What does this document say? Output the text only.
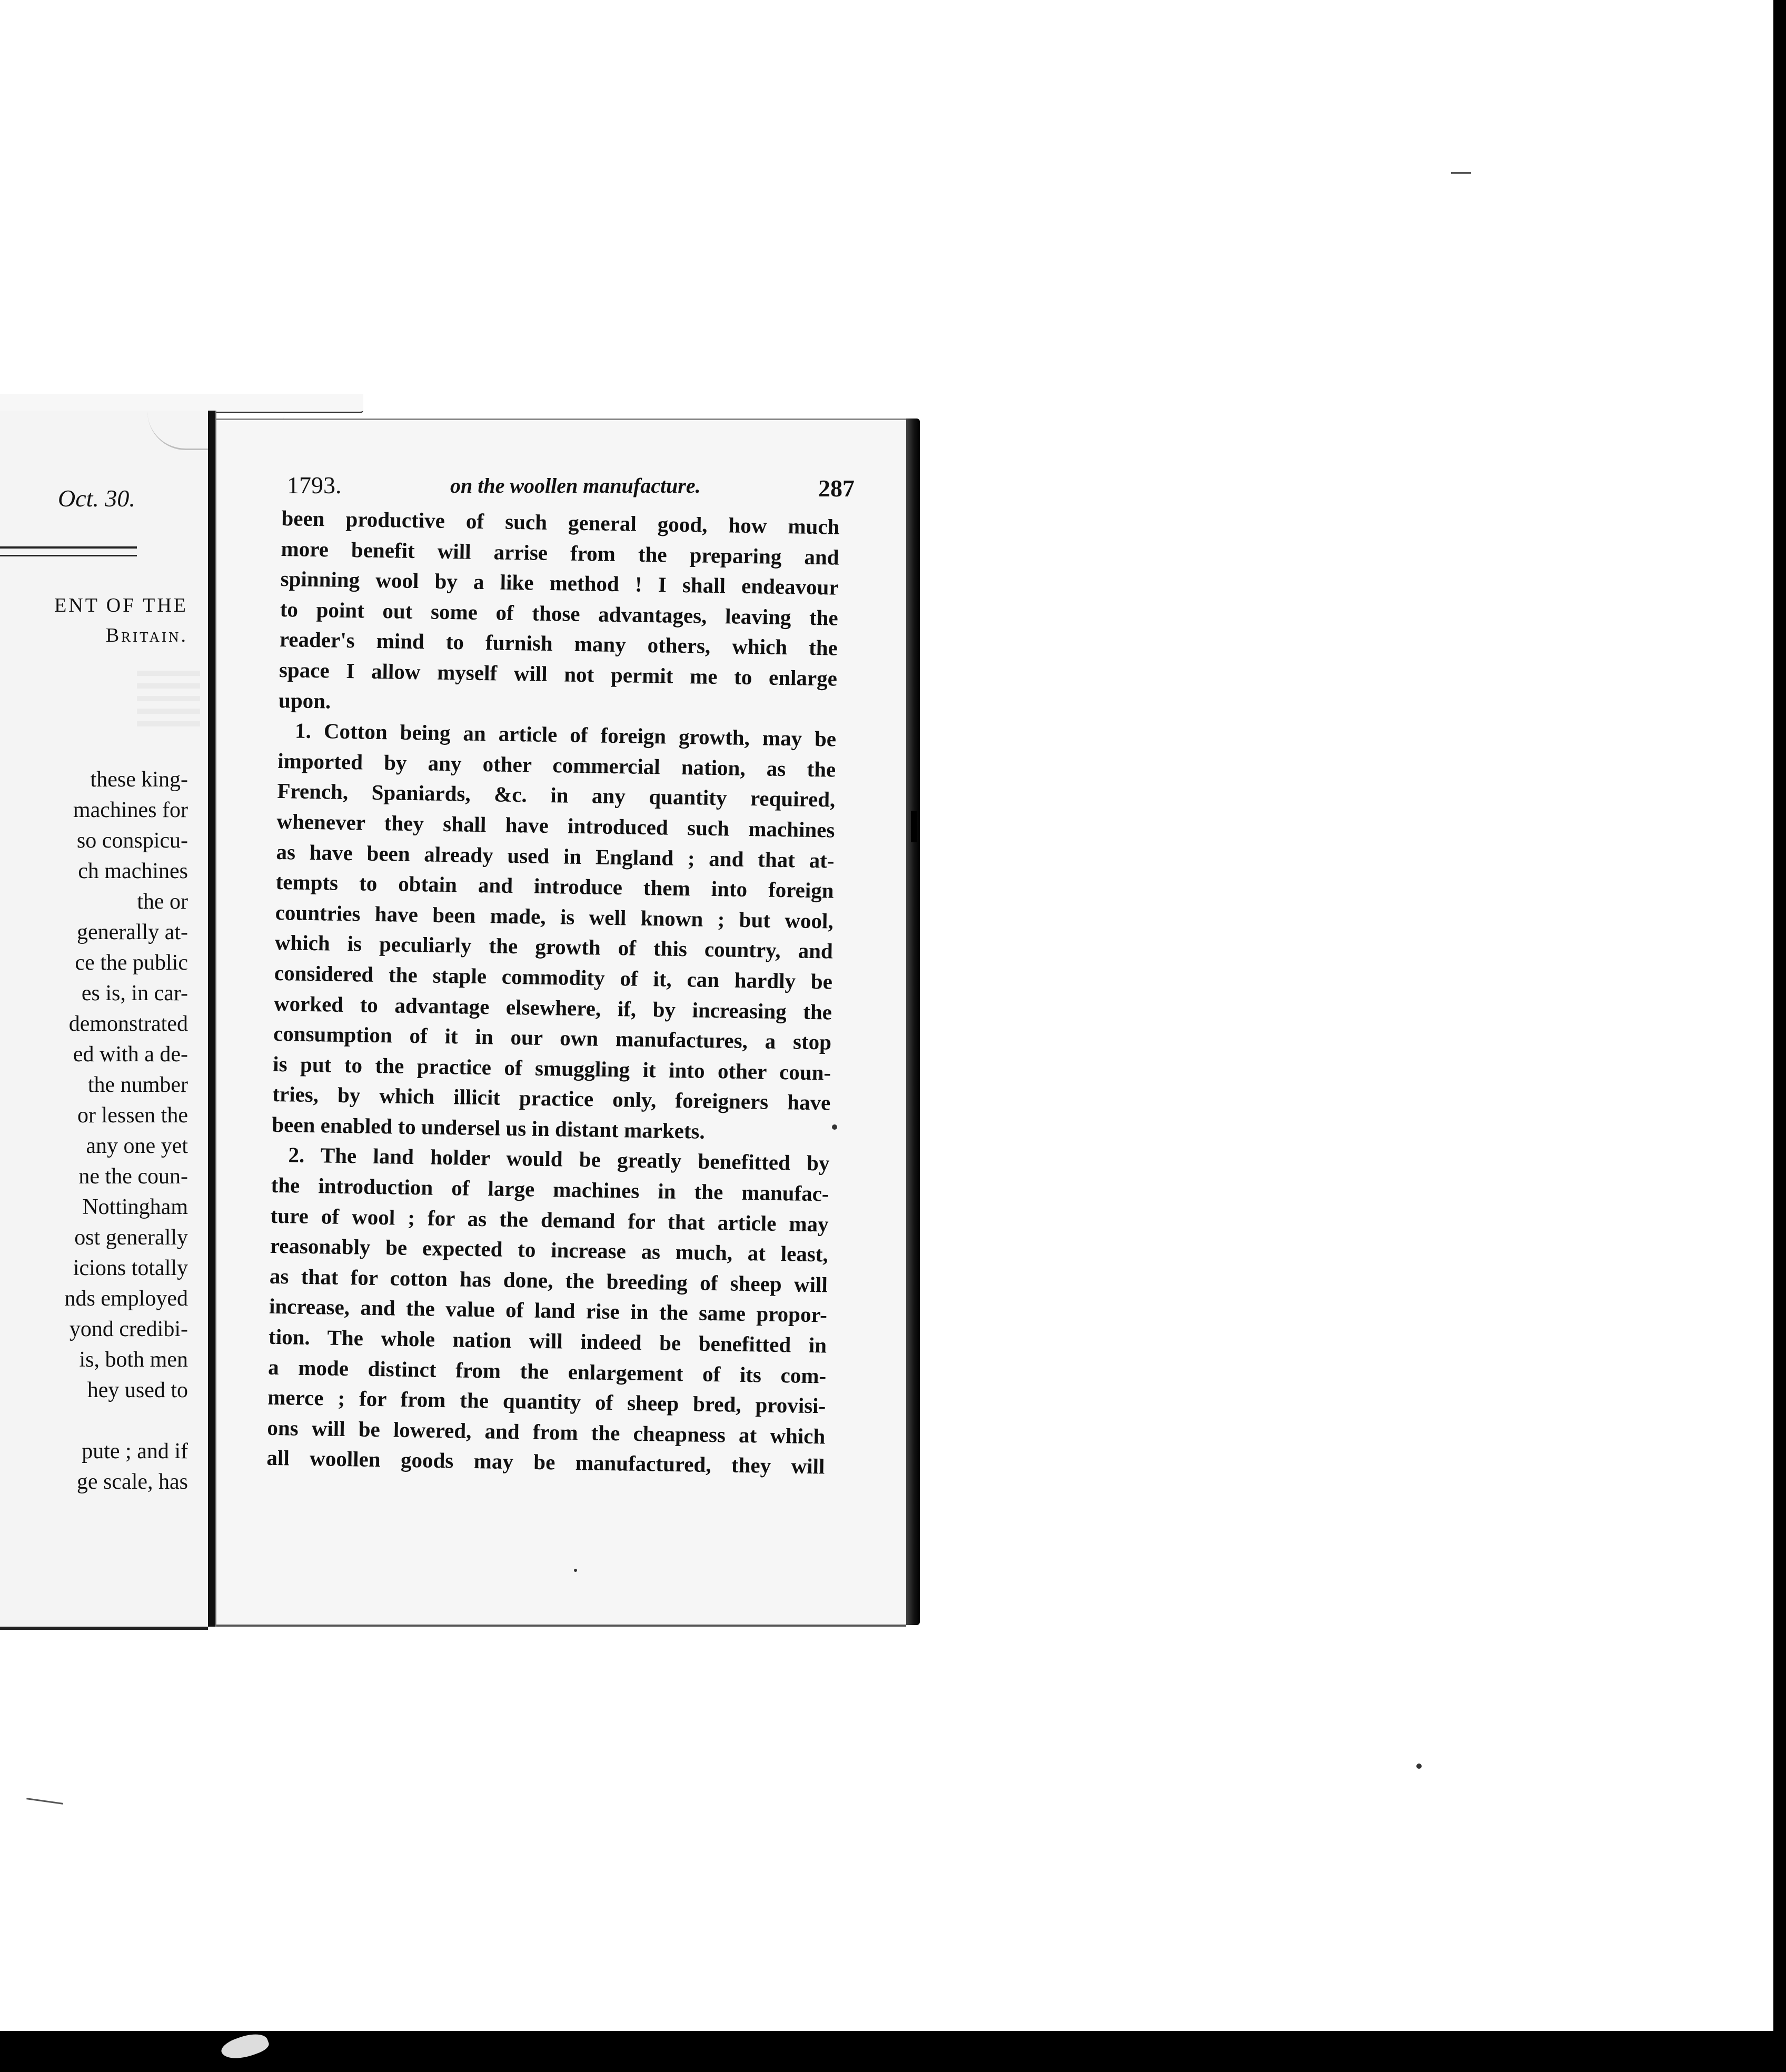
Oct. 30.
ENT OF THE
Britain.
these king-
machines for
so conspicu-
ch machines
the or
generally at-
ce the public
es is, in car-
demonstrated
ed with a de-
the number
or lessen the
any one yet
ne the coun-
Nottingham
ost generally
icions totally
nds employed
yond credibi-
is, both men
hey used to
pute ; and if
ge scale, has
1793.	on the woollen manufacture.	287
been productive of such general good, how much
more benefit will arrise from the preparing and
spinning wool by a like method ! I shall endeavour
to point out some of those advantages, leaving the
reader's mind to furnish many others, which the
space I allow myself will not permit me to enlarge
upon.
1. Cotton being an article of foreign growth, may be
imported by any other commercial nation, as the
French, Spaniards, &c. in any quantity required,
whenever they shall have introduced such machines
as have been already used in England ; and that at-
tempts to obtain and introduce them into foreign
countries have been made, is well known ; but wool,
which is peculiarly the growth of this country, and
considered the staple commodity of it, can hardly be
worked to advantage elsewhere, if, by increasing the
consumption of it in our own manufactures, a stop
is put to the practice of smuggling it into other coun-
tries, by which illicit practice only, foreigners have
been enabled to undersel us in distant markets.
2. The land holder would be greatly benefitted by
the introduction of large machines in the manufac-
ture of wool ; for as the demand for that article may
reasonably be expected to increase as much, at least,
as that for cotton has done, the breeding of sheep will
increase, and the value of land rise in the same propor-
tion. The whole nation will indeed be benefitted in
a mode distinct from the enlargement of its com-
merce ; for from the quantity of sheep bred, provisi-
ons will be lowered, and from the cheapness at which
all woollen goods may be manufactured, they will
